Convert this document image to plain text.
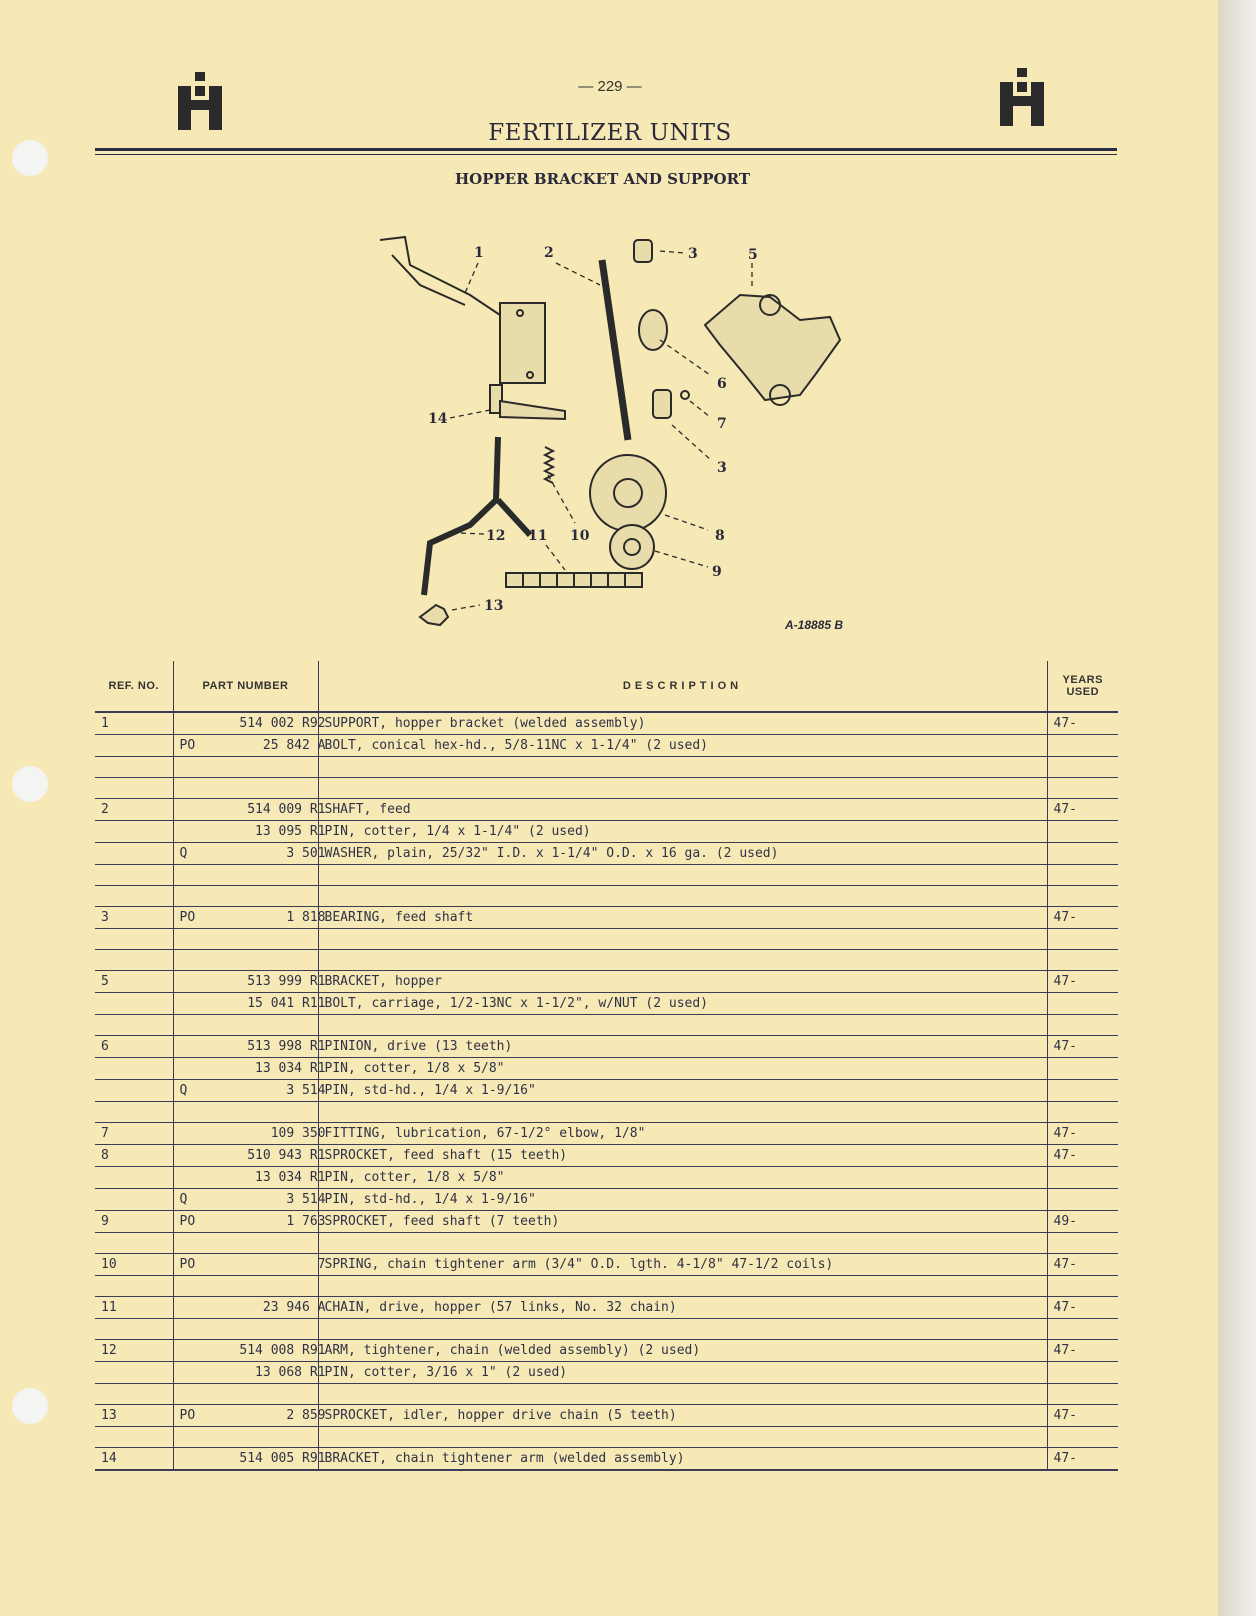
— 229 —
FERTILIZER UNITS
HOPPER BRACKET AND SUPPORT
1	2	3	5
6
7
3
14
8
12 11 10
9
13
A-18885 B
REF. NO.	PART NUMBER	DESCRIPTION	YEARS
USED
1	514 002 R92	SUPPORT, hopper bracket (welded assembly)	47-
	PO 25 842 A	BOLT, conical hex-hd., 5/8-11NC x 1-1/4" (2 used)	

2	514 009 R1	SHAFT, feed	47-
	13 095 R1	PIN, cotter, 1/4 x 1-1/4" (2 used)	
	Q 3 501	WASHER, plain, 25/32" I.D. x 1-1/4" O.D. x 16 ga. (2 used)	

3	PO 1 818	BEARING, feed shaft	47-

5	513 999 R1	BRACKET, hopper	47-
	15 041 R11	BOLT, carriage, 1/2-13NC x 1-1/2", w/NUT (2 used)	

6	513 998 R1	PINION, drive (13 teeth)	47-
	13 034 R1	PIN, cotter, 1/8 x 5/8"	
	Q 3 514	PIN, std-hd., 1/4 x 1-9/16"	

7	109 350	FITTING, lubrication, 67-1/2° elbow, 1/8"	47-
8	510 943 R1	SPROCKET, feed shaft (15 teeth)	47-
	13 034 R1	PIN, cotter, 1/8 x 5/8"	
	Q 3 514	PIN, std-hd., 1/4 x 1-9/16"	
9	PO 1 763	SPROCKET, feed shaft (7 teeth)	49-

10	PO 7	SPRING, chain tightener arm (3/4" O.D. lgth. 4-1/8" 47-1/2 coils)	47-

11	23 946 A	CHAIN, drive, hopper (57 links, No. 32 chain)	47-

12	514 008 R91	ARM, tightener, chain (welded assembly) (2 used)	47-
	13 068 R1	PIN, cotter, 3/16 x 1" (2 used)	

13	PO 2 859	SPROCKET, idler, hopper drive chain (5 teeth)	47-

14	514 005 R91	BRACKET, chain tightener arm (welded assembly)	47-
